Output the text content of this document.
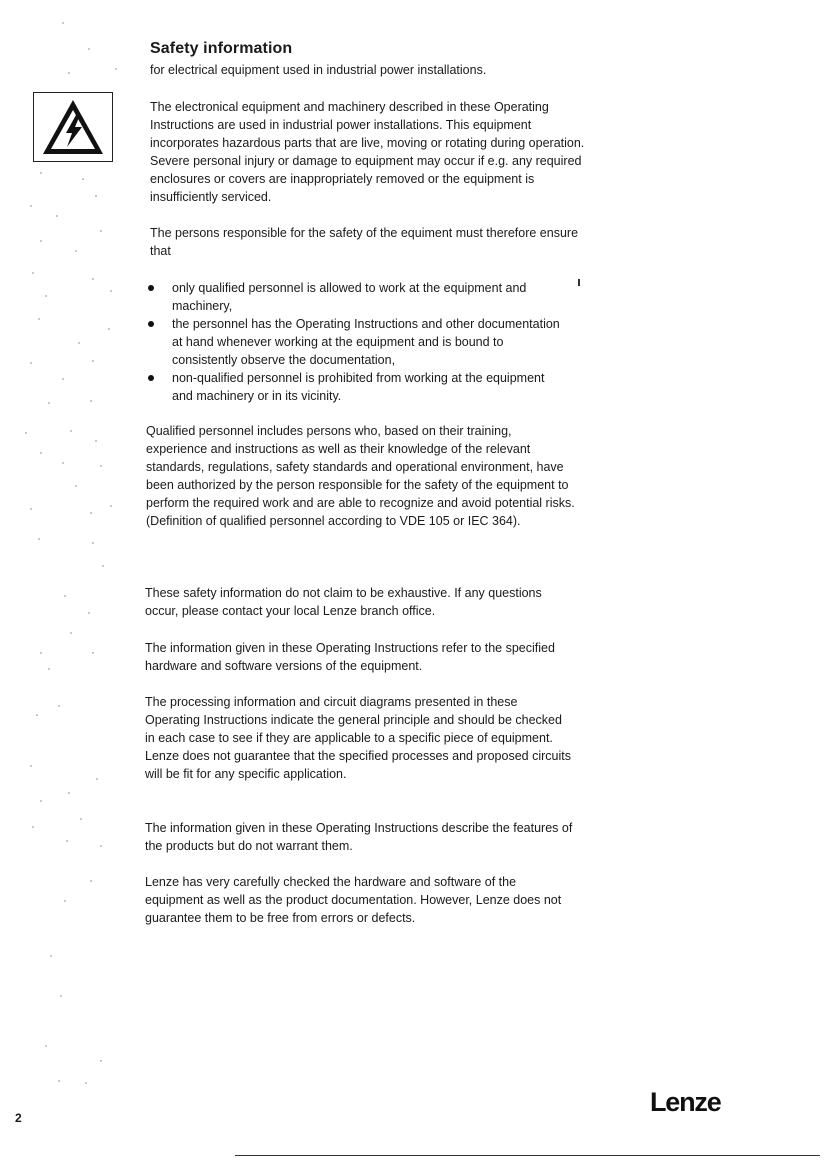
Safety information
for electrical equipment used in industrial power installations.
The electronical equipment and machinery described in these Operating Instructions are used in industrial power installations. This equipment incorporates hazardous parts that are live, moving or rotating during operation. Severe personal injury or damage to equipment may occur if e.g. any required enclosures or covers are inappropriately removed or the equipment is insufficiently serviced.
The persons responsible for the safety of the equiment must therefore ensure that
only qualified personnel is allowed to work at the equipment and machinery,
the personnel has the Operating Instructions and other documentation at hand whenever working at the equipment and is bound to consistently observe the documentation,
non-qualified personnel is prohibited from working at the equipment and machinery or in its vicinity.
Qualified personnel includes persons who, based on their training, experience and instructions as well as their knowledge of the relevant standards, regulations, safety standards and operational environment, have been authorized by the person responsible for the safety of the equipment to perform the required work and are able to recognize and avoid potential risks.
(Definition of qualified personnel according to VDE 105 or IEC 364).
These safety information do not claim to be exhaustive. If any questions occur, please contact your local Lenze branch office.
The information given in these Operating Instructions refer to the specified hardware and software versions of the equipment.
The processing information and circuit diagrams presented in these Operating Instructions indicate the general principle and should be checked in each case to see if they are applicable to a specific piece of equipment. Lenze does not guarantee that the specified processes and proposed circuits will be fit for any specific application.
The information given in these Operating Instructions describe the features of the products but do not warrant them.
Lenze has very carefully checked the hardware and software of the equipment as well as the product documentation. However, Lenze does not guarantee them to be free from errors or defects.
Lenze
2
